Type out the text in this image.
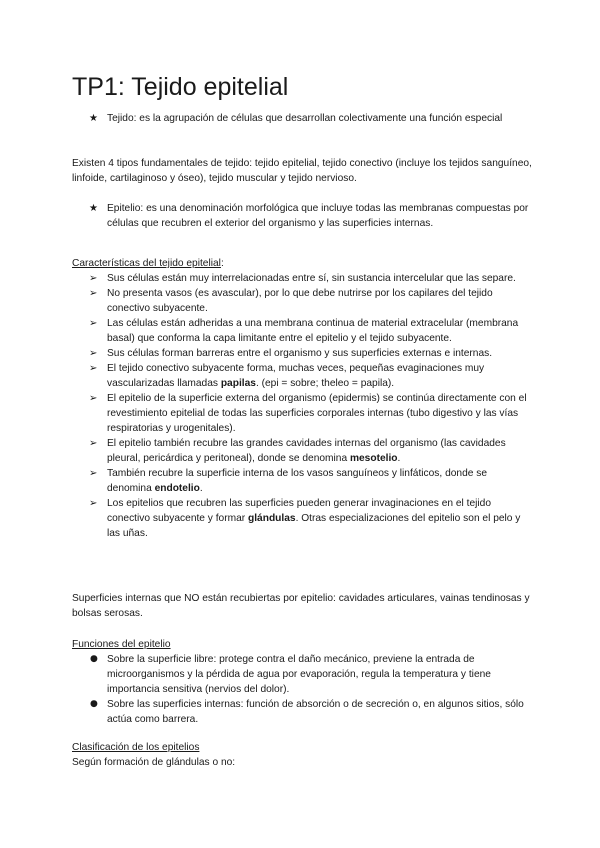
TP1: Tejido epitelial
★ Tejido: es la agrupación de células que desarrollan colectivamente una función especial

Existen 4 tipos fundamentales de tejido: tejido epitelial, tejido conectivo (incluye los tejidos sanguíneo, linfoide, cartilaginoso y óseo), tejido muscular y tejido nervioso.

★ Epitelio: es una denominación morfológica que incluye todas las membranas compuestas por células que recubren el exterior del organismo y las superficies internas.

Características del tejido epitelial:

➢ Sus células están muy interrelacionadas entre sí, sin sustancia intercelular que las separe.
➢ No presenta vasos (es avascular), por lo que debe nutrirse por los capilares del tejido conectivo subyacente.
➢ Las células están adheridas a una membrana continua de material extracelular (membrana basal) que conforma la capa limitante entre el epitelio y el tejido subyacente.
➢ Sus células forman barreras entre el organismo y sus superficies externas e internas.
➢ El tejido conectivo subyacente forma, muchas veces, pequeñas evaginaciones muy vascularizadas llamadas papilas. (epi = sobre; theleo = papila).
➢ El epitelio de la superficie externa del organismo (epidermis) se continúa directamente con el revestimiento epitelial de todas las superficies corporales internas (tubo digestivo y las vías respiratorias y urogenitales).
➢ El epitelio también recubre las grandes cavidades internas del organismo (las cavidades pleural, pericárdica y peritoneal), donde se denomina mesotelio.
➢ También recubre la superficie interna de los vasos sanguíneos y linfáticos, donde se denomina endotelio.
➢ Los epitelios que recubren las superficies pueden generar invaginaciones en el tejido conectivo subyacente y formar glándulas. Otras especializaciones del epitelio son el pelo y las uñas.

Superficies internas que NO están recubiertas por epitelio: cavidades articulares, vainas tendinosas y bolsas serosas.

Funciones del epitelio

● Sobre la superficie libre: protege contra el daño mecánico, previene la entrada de microorganismos y la pérdida de agua por evaporación, regula la temperatura y tiene importancia sensitiva (nervios del dolor).
● Sobre las superficies internas: función de absorción o de secreción o, en algunos sitios, sólo actúa como barrera.

Clasificación de los epitelios

Según formación de glándulas o no:
